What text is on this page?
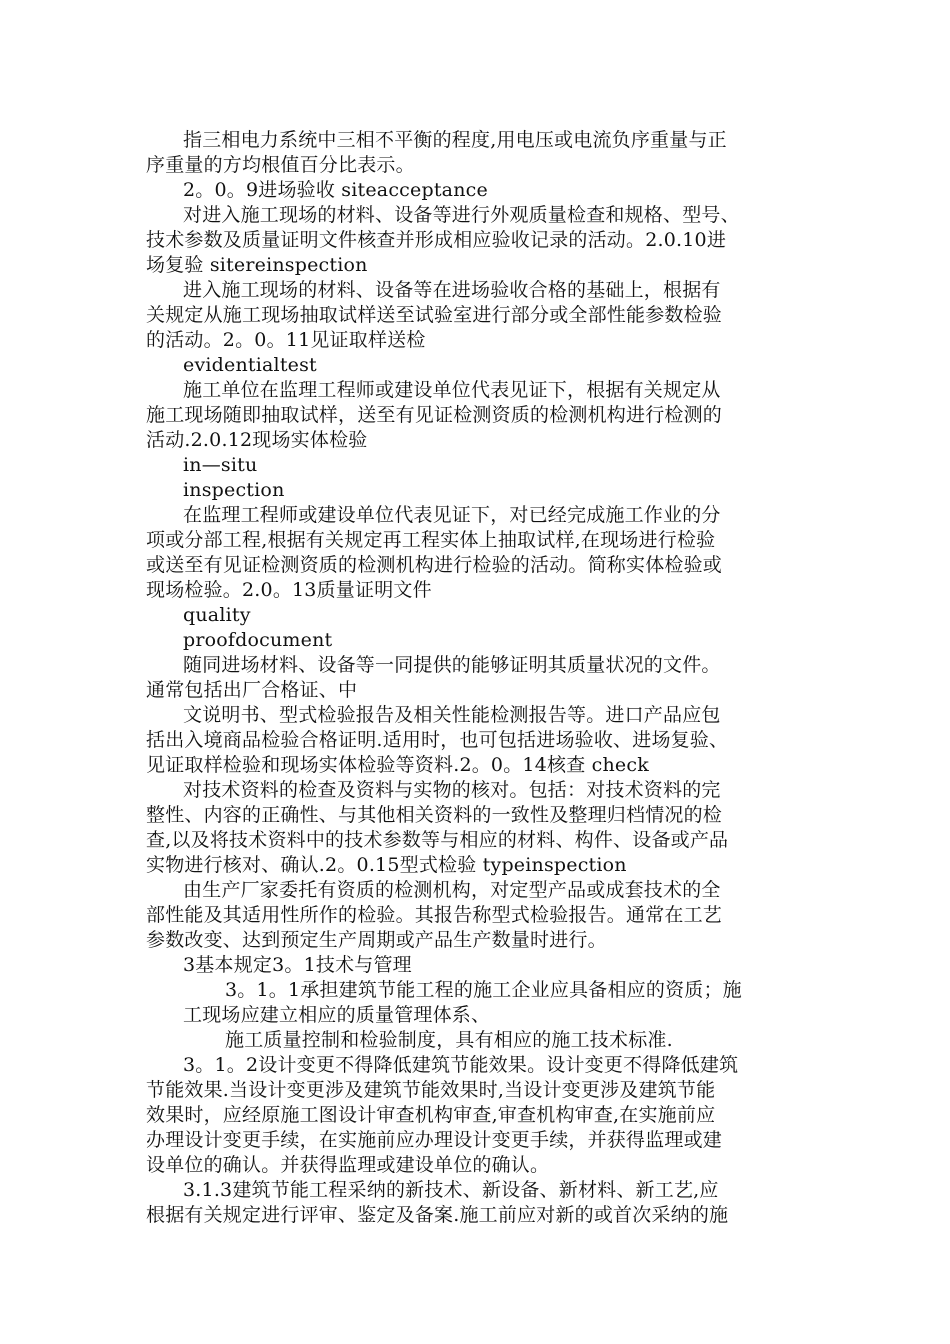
指三相电力系统中三相不平衡的程度,用电压或电流负序重量与正
序重量的方均根值百分比表示。
2。0。9进场验收 siteacceptance
对进入施工现场的材料、设备等进行外观质量检查和规格、型号、
技术参数及质量证明文件核查并形成相应验收记录的活动。2.0.10进
场复验 sitereinspection
进入施工现场的材料、设备等在进场验收合格的基础上，根据有
关规定从施工现场抽取试样送至试验室进行部分或全部性能参数检验
的活动。2。0。11见证取样送检
evidentialtest
施工单位在监理工程师或建设单位代表见证下，根据有关规定从
施工现场随即抽取试样，送至有见证检测资质的检测机构进行检测的
活动.2.0.12现场实体检验
in—situ
inspection
在监理工程师或建设单位代表见证下，对已经完成施工作业的分
项或分部工程,根据有关规定再工程实体上抽取试样,在现场进行检验
或送至有见证检测资质的检测机构进行检验的活动。简称实体检验或
现场检验。2.0。13质量证明文件
quality
proofdocument
随同进场材料、设备等一同提供的能够证明其质量状况的文件。
通常包括出厂合格证、中
文说明书、型式检验报告及相关性能检测报告等。进口产品应包
括出入境商品检验合格证明.适用时，也可包括进场验收、进场复验、
见证取样检验和现场实体检验等资料.2。0。14核查 check
对技术资料的检查及资料与实物的核对。包括：对技术资料的完
整性、内容的正确性、与其他相关资料的一致性及整理归档情况的检
查,以及将技术资料中的技术参数等与相应的材料、构件、设备或产品
实物进行核对、确认.2。0.15型式检验 typeinspection
由生产厂家委托有资质的检测机构，对定型产品或成套技术的全
部性能及其适用性所作的检验。其报告称型式检验报告。通常在工艺
参数改变、达到预定生产周期或产品生产数量时进行。
3基本规定3。1技术与管理
3。1。1承担建筑节能工程的施工企业应具备相应的资质；施
工现场应建立相应的质量管理体系、
施工质量控制和检验制度，具有相应的施工技术标准.
3。1。2设计变更不得降低建筑节能效果。设计变更不得降低建筑
节能效果.当设计变更涉及建筑节能效果时,当设计变更涉及建筑节能
效果时，应经原施工图设计审查机构审查,审查机构审查,在实施前应
办理设计变更手续，在实施前应办理设计变更手续，并获得监理或建
设单位的确认。并获得监理或建设单位的确认。
3.1.3建筑节能工程采纳的新技术、新设备、新材料、新工艺,应
根据有关规定进行评审、鉴定及备案.施工前应对新的或首次采纳的施
